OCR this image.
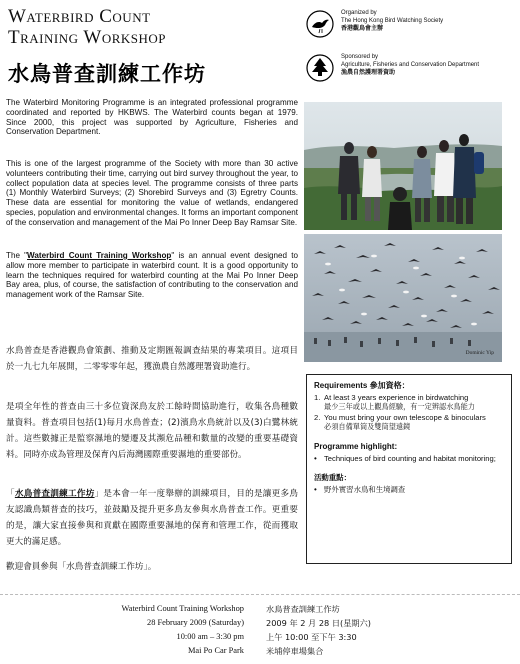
Waterbird Count
Training Workshop
水鳥普查訓練工作坊
Organized by
The Hong Kong Bird Watching Society
香港觀鳥會主辦
Sponsored by
Agriculture, Fisheries and Conservation Department
漁農自然護理署資助

The Waterbird Monitoring Programme is an integrated professional programme coordinated and reported by HKBWS. The Waterbird counts began at 1979. Since 2000, this project was supported by Agriculture, Fisheries and Conservation Department.

This is one of the largest programme of the Society with more than 30 active volunteers contributing their time, carrying out bird survey throughout the year, to collect population data at species level. The programme consists of three parts (1) Monthly Waterbird Surveys; (2) Shorebird Surveys and (3) Egretry Counts. These data are essential for monitoring the value of wetlands, endangered species, population and environmental changes. It forms an important component of the conservation and management of the Mai Po Inner Deep Bay Ramsar Site.

The "Waterbird Count Training Workshop" is an annual event designed to allow more member to participate in waterbird count. It is a good opportunity to learn the techniques required for waterbird counting at the Mai Po Inner Deep Bay area, plus, of course, the satisfaction of contributing to the conservation and management work of the Ramsar Site.

Dominic Yip

水鳥普查是香港觀鳥會策劃、推動及定期匯報調查結果的專業項目。這項目於一九七九年展開，二零零零年起，獲漁農自然護理署資助進行。

是項全年性的普查由三十多位資深鳥友於工餘時間協助進行，收集各鳥種數量資料。普查項目包括(1)每月水鳥普查；(2)濱鳥水鳥統計以及(3)白鷺林統計。這些數據正是監察濕地的變遷及其瀕危品種和數量的改變的重要基礎資料。同時亦成為管理及保育內后海灣國際重要濕地的重要部份。

「水鳥普查訓練工作坊」是本會一年一度舉辦的訓練項目，目的是讓更多鳥友認識鳥類普查的技巧，並鼓勵及提升更多鳥友參與水鳥普查工作。更重要的是，讓大家直接參與和貢獻在國際重要濕地的保育和管理工作，從而獲取更大的滿足感。

歡迎會員參與「水鳥普查訓練工作坊」。

Requirements 參加資格：
1. At least 3 years experience in birdwatching
最少三年或以上觀鳥經驗，有一定辨認水鳥能力
2. You must bring your own telescope & binoculars
必須自備單筒及雙筒望遠鏡
Programme highlight:
• Techniques of bird counting and habitat monitoring;
活動重點：
• 野外實習水鳥和生境調查
Waterbird Count Training Workshop
28 February 2009 (Saturday)
10:00 am – 3:30 pm
Mai Po Car Park
水鳥普查訓練工作坊
2009 年 2 月 28 日(星期六)
上午 10:00 至下午 3:30
米埔停車場集合
